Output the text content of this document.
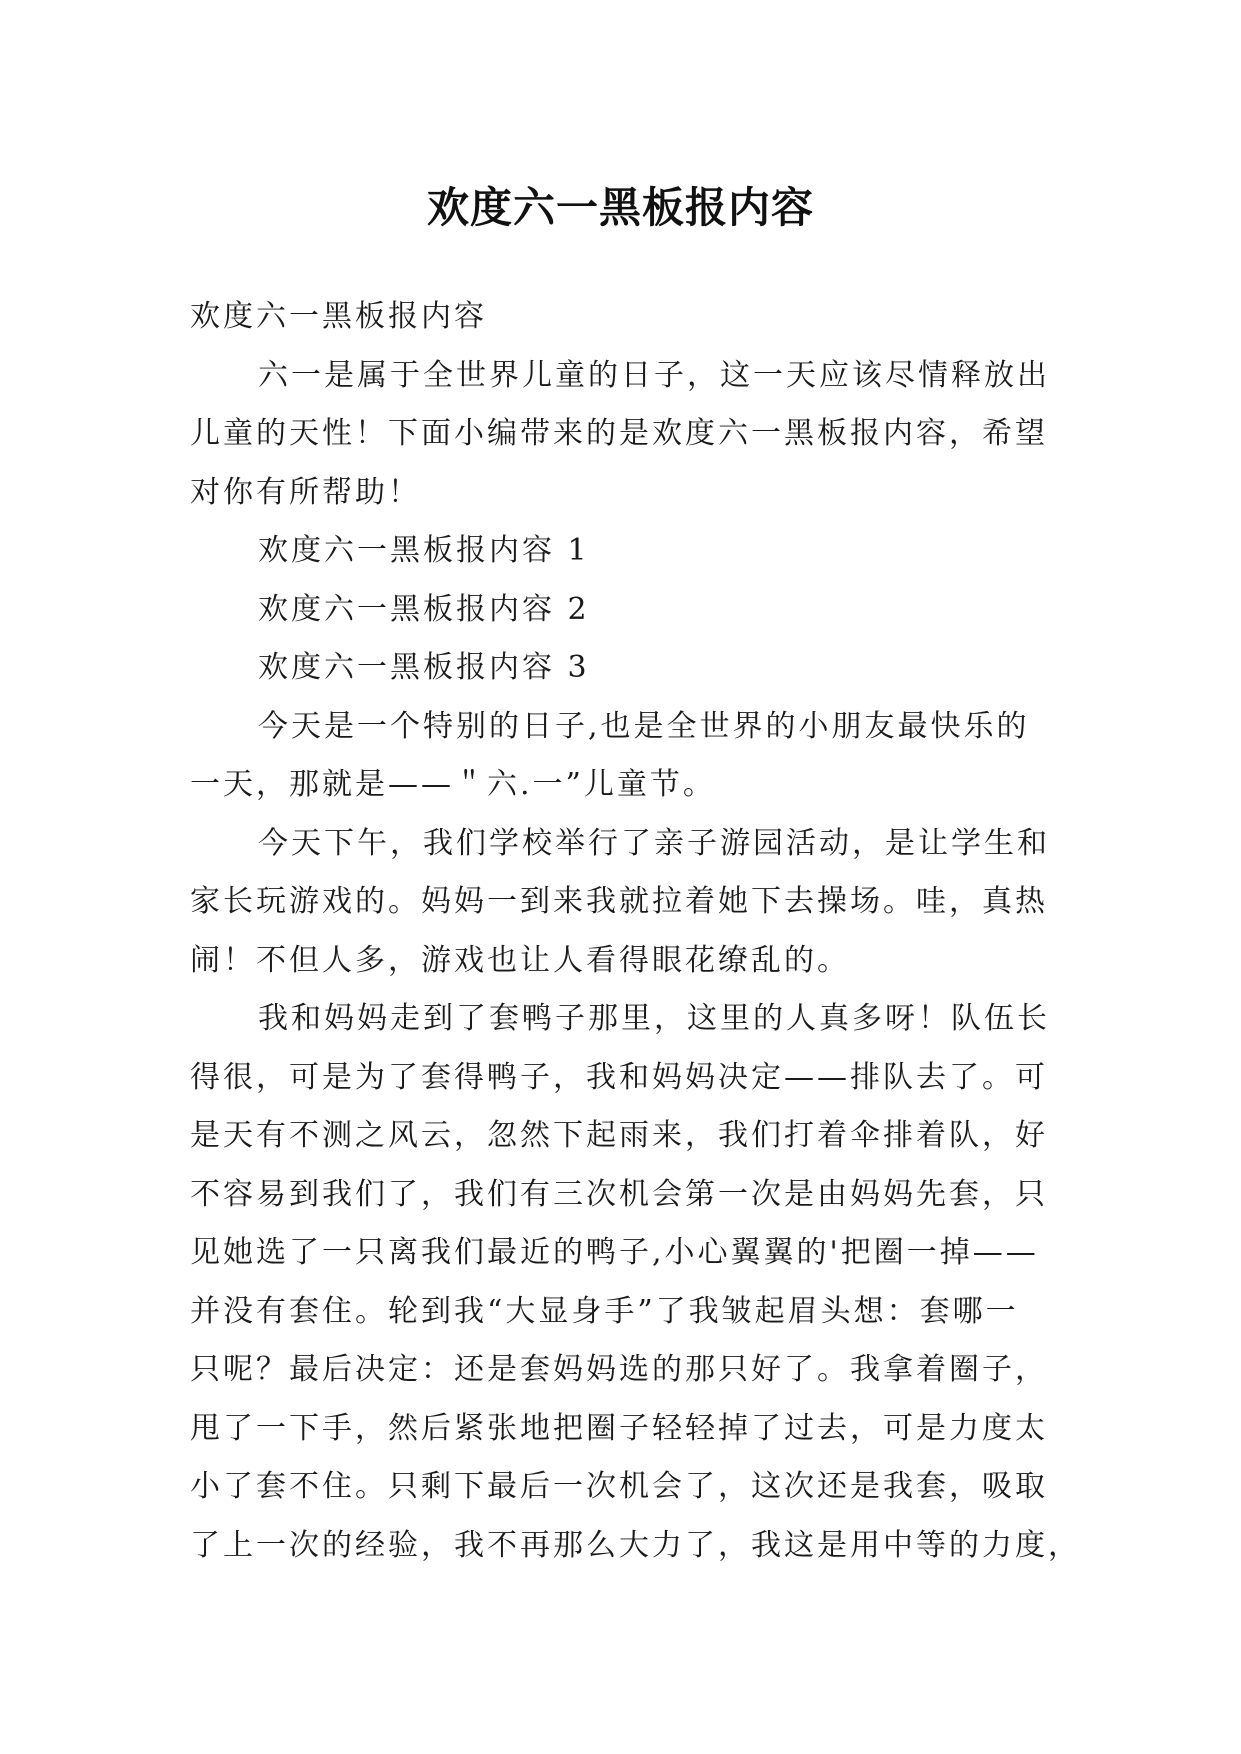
欢度六一黑板报内容

欢度六一黑板报内容

六一是属于全世界儿童的日子，这一天应该尽情释放出

儿童的天性！下面小编带来的是欢度六一黑板报内容，希望

对你有所帮助！

欢度六一黑板报内容 1

欢度六一黑板报内容 2

欢度六一黑板报内容 3

今天是一个特别的日子,也是全世界的小朋友最快乐的

一天，那就是——＂六.一”儿童节。

今天下午，我们学校举行了亲子游园活动，是让学生和

家长玩游戏的。妈妈一到来我就拉着她下去操场。哇，真热

闹！不但人多，游戏也让人看得眼花缭乱的。

我和妈妈走到了套鸭子那里，这里的人真多呀！队伍长

得很，可是为了套得鸭子，我和妈妈决定——排队去了。可

是天有不测之风云，忽然下起雨来，我们打着伞排着队，好

不容易到我们了，我们有三次机会第一次是由妈妈先套，只

见她选了一只离我们最近的鸭子,小心翼翼的'把圈一掉——

并没有套住。轮到我“大显身手”了我皱起眉头想：套哪一

只呢？最后决定：还是套妈妈选的那只好了。我拿着圈子，

甩了一下手，然后紧张地把圈子轻轻掉了过去，可是力度太

小了套不住。只剩下最后一次机会了，这次还是我套，吸取

了上一次的经验，我不再那么大力了，我这是用中等的力度，
